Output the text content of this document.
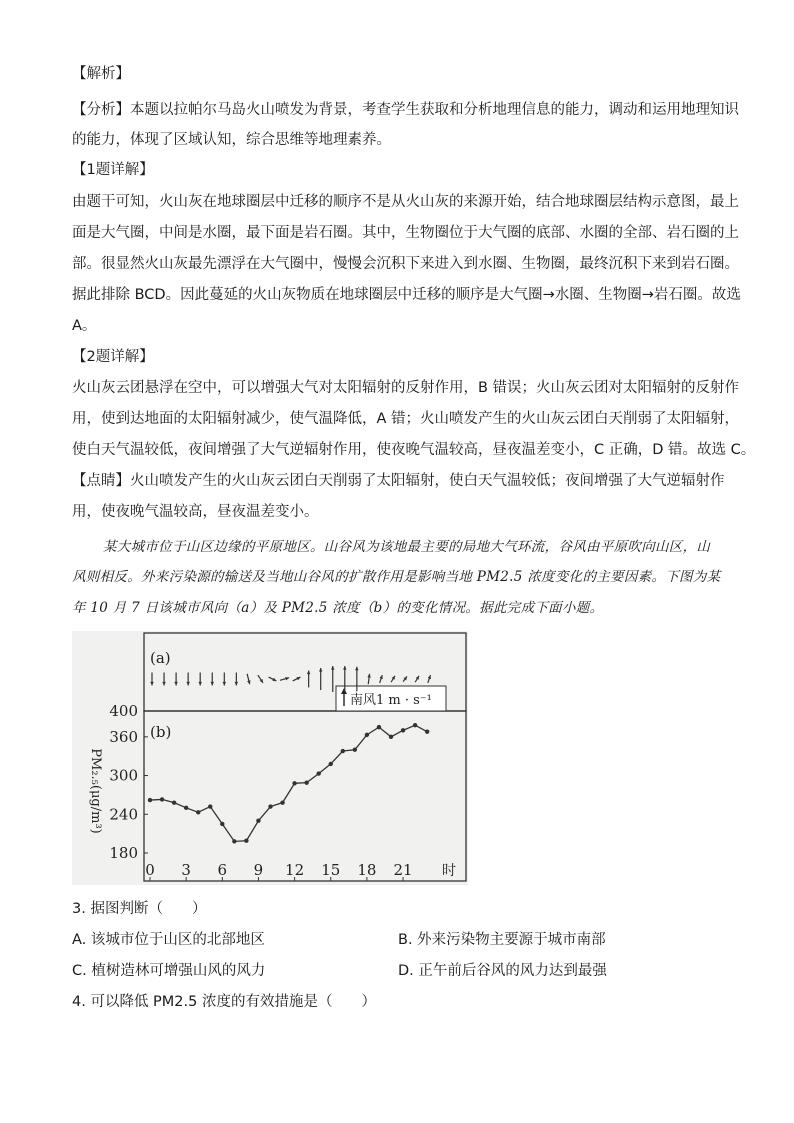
【解析】
【分析】本题以拉帕尔马岛火山喷发为背景，考查学生获取和分析地理信息的能力，调动和运用地理知识
的能力，体现了区域认知，综合思维等地理素养。
【1题详解】
由题干可知，火山灰在地球圈层中迁移的顺序不是从火山灰的来源开始，结合地球圈层结构示意图，最上
面是大气圈，中间是水圈，最下面是岩石圈。其中，生物圈位于大气圈的底部、水圈的全部、岩石圈的上
部。很显然火山灰最先漂浮在大气圈中，慢慢会沉积下来进入到水圈、生物圈，最终沉积下来到岩石圈。
据此排除 BCD。因此蔓延的火山灰物质在地球圈层中迁移的顺序是大气圈→水圈、生物圈→岩石圈。故选
A。
【2题详解】
火山灰云团悬浮在空中，可以增强大气对太阳辐射的反射作用，B 错误；火山灰云团对太阳辐射的反射作
用，使到达地面的太阳辐射减少，使气温降低，A 错；火山喷发产生的火山灰云团白天削弱了太阳辐射，
使白天气温较低，夜间增强了大气逆辐射作用，使夜晚气温较高，昼夜温差变小，C 正确，D 错。故选 C。
【点睛】火山喷发产生的火山灰云团白天削弱了太阳辐射，使白天气温较低；夜间增强了大气逆辐射作
用，使夜晚气温较高，昼夜温差变小。
某大城市位于山区边缘的平原地区。山谷风为该地最主要的局地大气环流，谷风由平原吹向山区，山
风则相反。外来污染源的输送及当地山谷风的扩散作用是影响当地 PM2.5 浓度变化的主要因素。下图为某
年 10 月 7 日该城市风向（a）及 PM2.5 浓度（b）的变化情况。据此完成下面小题。
(a)
(b)
南风1 m · s⁻¹
PM₂.₅(μg/m³)
0 3 6 9 12 15 18 21 时
180
240
300
360
400
3. 据图判断（　　）
A. 该城市位于山区的北部地区	B. 外来污染物主要源于城市南部
C. 植树造林可增强山风的风力	D. 正午前后谷风的风力达到最强
4. 可以降低 PM2.5 浓度的有效措施是（　　）
